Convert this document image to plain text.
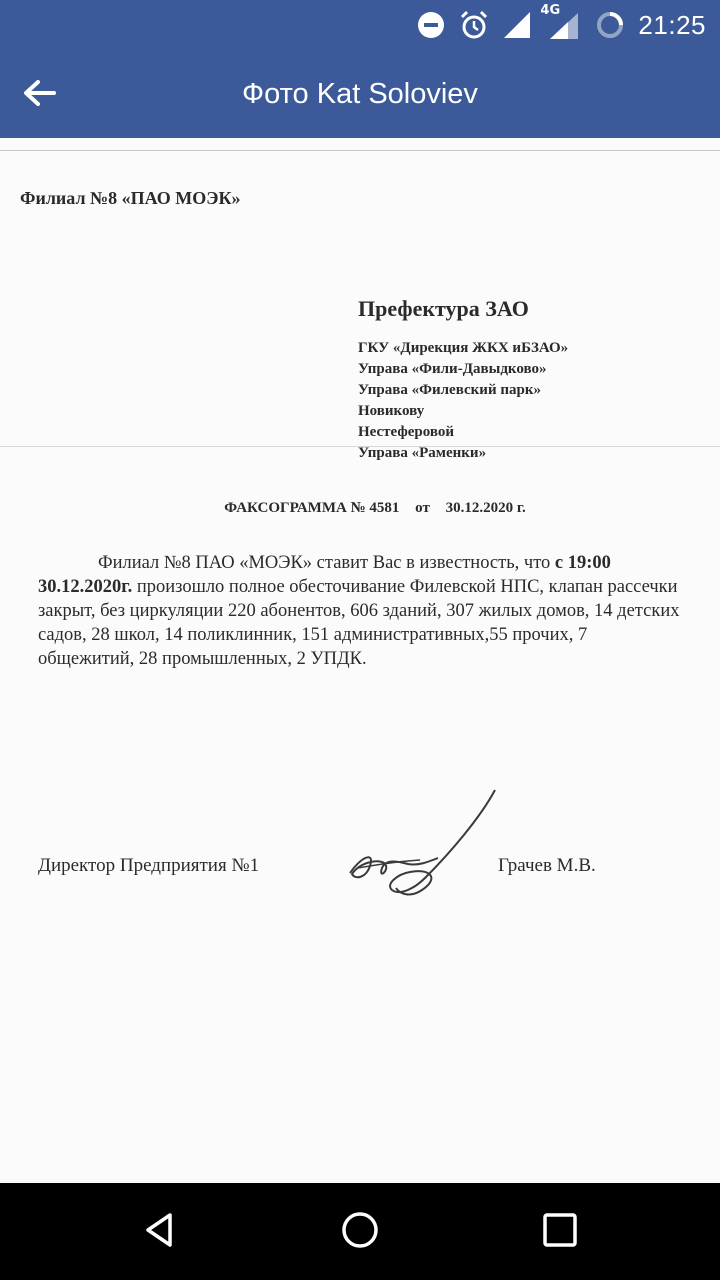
4G	21:25
Фото Kat Soloviev
Филиал №8 «ПАО МОЭК»
Префектура ЗАО
ГКУ «Дирекция ЖКХ иБЗАО»
Управа «Фили-Давыдково»
Управа «Филевский парк»
Новикову
Нестеферовой
Управа «Раменки»
ФАКСОГРАММА № 4581 от 30.12.2020 г.
Филиал №8 ПАО «МОЭК» ставит Вас в известность, что с 19:00 30.12.2020г. произошло полное обесточивание Филевской НПС, клапан рассечки закрыт, без циркуляции 220 абонентов, 606 зданий, 307 жилых домов, 14 детских садов, 28 школ, 14 поликлинник, 151 административных,55 прочих, 7 общежитий, 28 промышленных, 2 УПДК.
Директор Предприятия №1	Грачев М.В.
